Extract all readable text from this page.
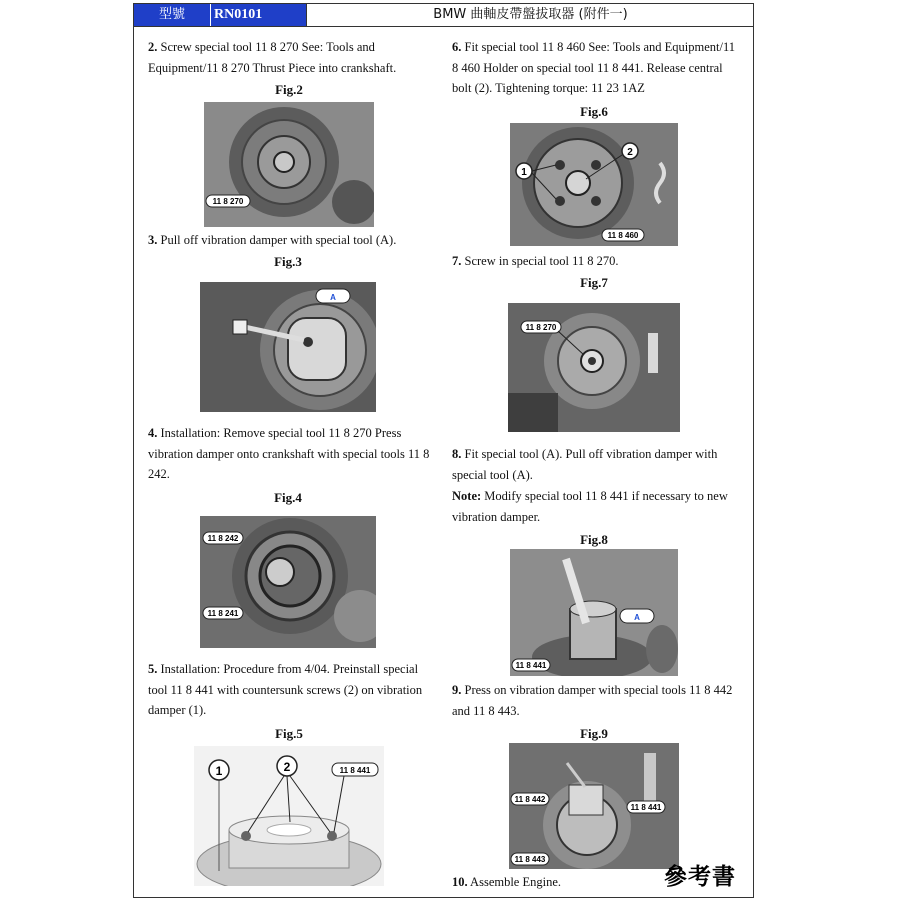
型號	RN0101	BMW 曲軸皮帶盤拔取器 (附件一)

2. Screw special tool 11 8 270 See: Tools and Equipment/11 8 270 Thrust Piece into crankshaft.

Fig.2
11 8 270

3. Pull off vibration damper with special tool (A).

Fig.3
A

4. Installation: Remove special tool 11 8 270 Press vibration damper onto crankshaft with special tools 11 8 242.

Fig.4
11 8 242
11 8 241

5. Installation: Procedure from 4/04. Preinstall special tool 11 8 441 with countersunk screws (2) on vibration damper (1).

Fig.5
1	2	11 8 441

6. Fit special tool 11 8 460 See: Tools and Equipment/11 8 460 Holder on special tool 11 8 441. Release central bolt (2). Tightening torque: 11 23 1AZ

Fig.6
1
2
11 8 460

7. Screw in special tool 11 8 270.

Fig.7
11 8 270

8. Fit special tool (A). Pull off vibration damper with special tool (A).

Note: Modify special tool 11 8 441 if necessary to new vibration damper.

Fig.8
A
11 8 441

9. Press on vibration damper with special tools 11 8 442 and 11 8 443.

Fig.9
11 8 442
11 8 441
11 8 443

10. Assemble Engine.	參考書
